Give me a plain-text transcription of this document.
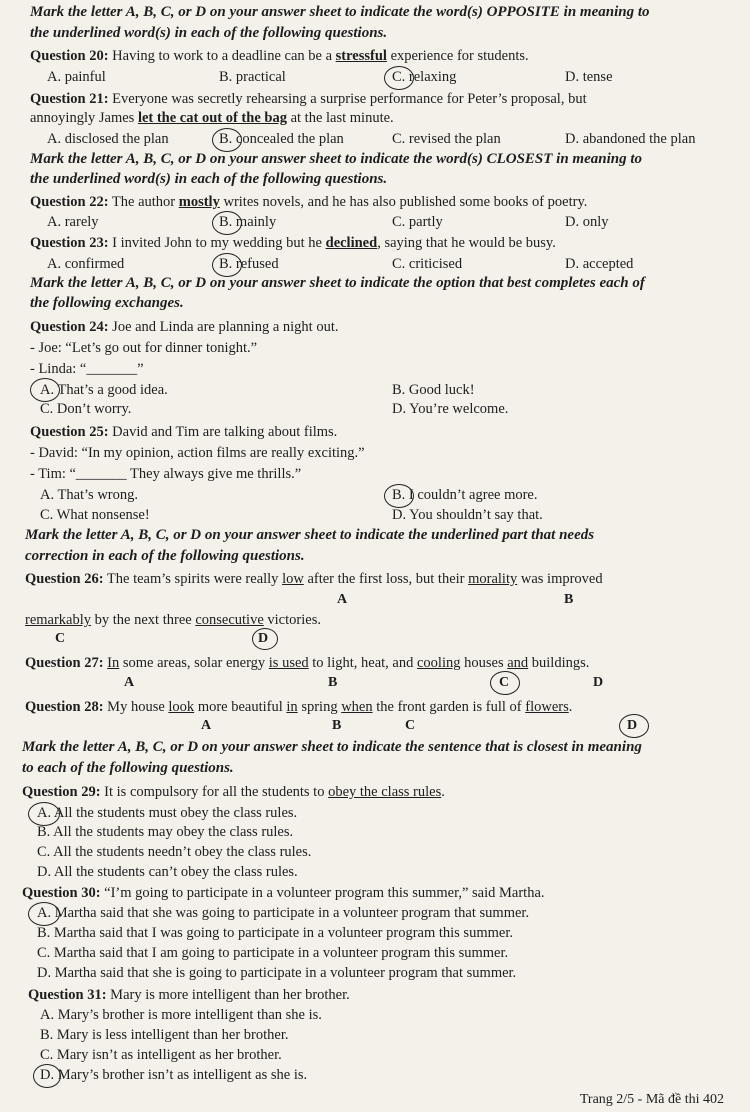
Mark the letter A, B, C, or D on your answer sheet to indicate the word(s) OPPOSITE in meaning to
the underlined word(s) in each of the following questions.
Question 20: Having to work to a deadline can be a stressful experience for students.
A. painful	B. practical	C. relaxing	D. tense
Question 21: Everyone was secretly rehearsing a surprise performance for Peter’s proposal, but
annoyingly James let the cat out of the bag at the last minute.
A. disclosed the plan	B. concealed the plan	C. revised the plan	D. abandoned the plan
Mark the letter A, B, C, or D on your answer sheet to indicate the word(s) CLOSEST in meaning to
the underlined word(s) in each of the following questions.
Question 22: The author mostly writes novels, and he has also published some books of poetry.
A. rarely	B. mainly	C. partly	D. only
Question 23: I invited John to my wedding but he declined, saying that he would be busy.
A. confirmed	B. refused	C. criticised	D. accepted
Mark the letter A, B, C, or D on your answer sheet to indicate the option that best completes each of
the following exchanges.
Question 24: Joe and Linda are planning a night out.
- Joe: “Let’s go out for dinner tonight.”
- Linda: “_______”
A. That’s a good idea.	B. Good luck!
C. Don’t worry.	D. You’re welcome.
Question 25: David and Tim are talking about films.
- David: “In my opinion, action films are really exciting.”
- Tim: “_______ They always give me thrills.”
A. That’s wrong.	B. I couldn’t agree more.
C. What nonsense!	D. You shouldn’t say that.
Mark the letter A, B, C, or D on your answer sheet to indicate the underlined part that needs
correction in each of the following questions.
Question 26: The team’s spirits were really low after the first loss, but their morality was improved
A	B
remarkably by the next three consecutive victories.
C	D
Question 27: In some areas, solar energy is used to light, heat, and cooling houses and buildings.
A	B	C	D
Question 28: My house look more beautiful in spring when the front garden is full of flowers.
A	B	C	D
Mark the letter A, B, C, or D on your answer sheet to indicate the sentence that is closest in meaning
to each of the following questions.
Question 29: It is compulsory for all the students to obey the class rules.
A. All the students must obey the class rules.
B. All the students may obey the class rules.
C. All the students needn’t obey the class rules.
D. All the students can’t obey the class rules.
Question 30: “I’m going to participate in a volunteer program this summer,” said Martha.
A. Martha said that she was going to participate in a volunteer program that summer.
B. Martha said that I was going to participate in a volunteer program this summer.
C. Martha said that I am going to participate in a volunteer program this summer.
D. Martha said that she is going to participate in a volunteer program that summer.
Question 31: Mary is more intelligent than her brother.
A. Mary’s brother is more intelligent than she is.
B. Mary is less intelligent than her brother.
C. Mary isn’t as intelligent as her brother.
D. Mary’s brother isn’t as intelligent as she is.
Trang 2/5 - Mã đề thi 402
